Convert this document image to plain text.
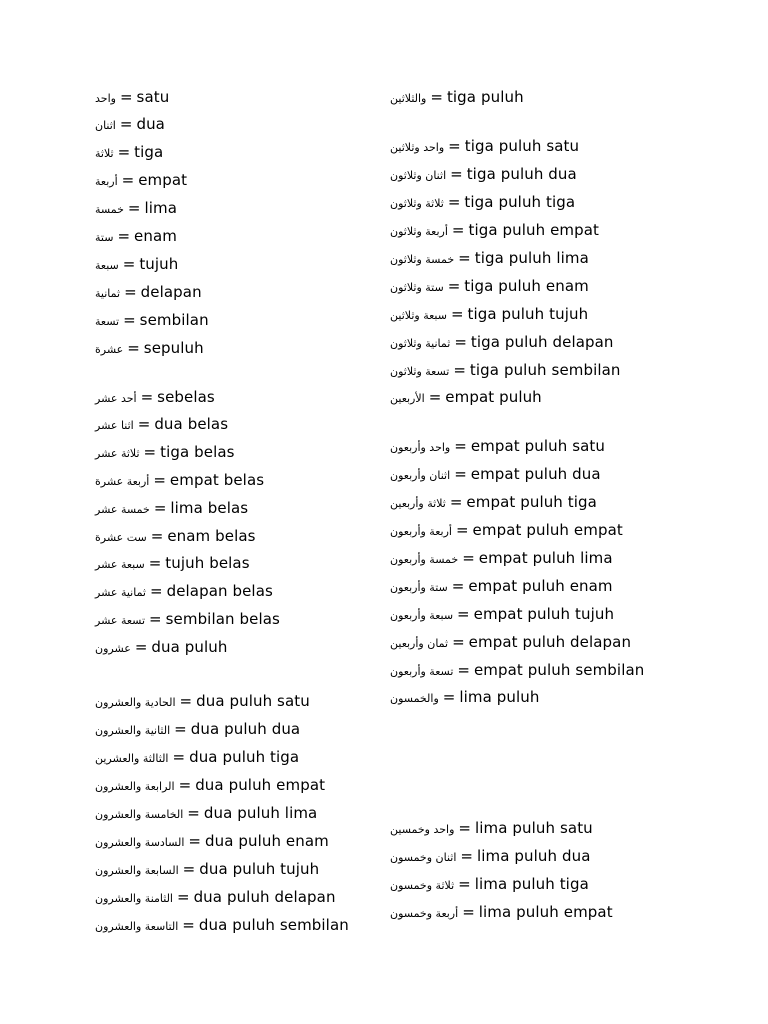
واحد = satu
اثنان = dua
ثلاثة = tiga
أربعة = empat
خمسة = lima
ستة = enam
سبعة = tujuh
ثمانية = delapan
تسعة = sembilan
عشرة = sepuluh
أحد عشر = sebelas
اثنا عشر = dua belas
ثلاثة عشر = tiga belas
أربعة عشرة = empat belas
خمسة عشر = lima belas
ست عشرة = enam belas
سبعة عشر = tujuh belas
ثمانية عشر = delapan belas
تسعة عشر = sembilan belas
عشرون = dua puluh
الحادية والعشرون = dua puluh satu
الثانية والعشرون = dua puluh dua
الثالثة والعشرين = dua puluh tiga
الرابعة والعشرون = dua puluh empat
الخامسة والعشرون = dua puluh lima
السادسة والعشرون = dua puluh enam
السابعة والعشرون = dua puluh tujuh
الثامنة والعشرون = dua puluh delapan
التاسعة والعشرون = dua puluh sembilan
والثلاثين = tiga puluh
واحد وثلاثين = tiga puluh satu
اثنان وثلاثون = tiga puluh dua
ثلاثة وثلاثون = tiga puluh tiga
أربعة وثلاثون = tiga puluh empat
خمسة وثلاثون = tiga puluh lima
ستة وثلاثون = tiga puluh enam
سبعة وثلاثين = tiga puluh tujuh
ثمانية وثلاثون = tiga puluh delapan
تسعة وثلاثون = tiga puluh sembilan
الأربعين = empat puluh
واحد وأربعون = empat puluh satu
اثنان وأربعون = empat puluh dua
ثلاثة وأربعين = empat puluh tiga
أربعة وأربعون = empat puluh empat
خمسة وأربعون = empat puluh lima
ستة وأربعون = empat puluh enam
سبعة وأربعون = empat puluh tujuh
ثمان وأربعين = empat puluh delapan
تسعة وأربعون = empat puluh sembilan
والخمسون = lima puluh
واحد وخمسين = lima puluh satu
اثنان وخمسون = lima puluh dua
ثلاثة وخمسون = lima puluh tiga
أربعة وخمسون = lima puluh empat
